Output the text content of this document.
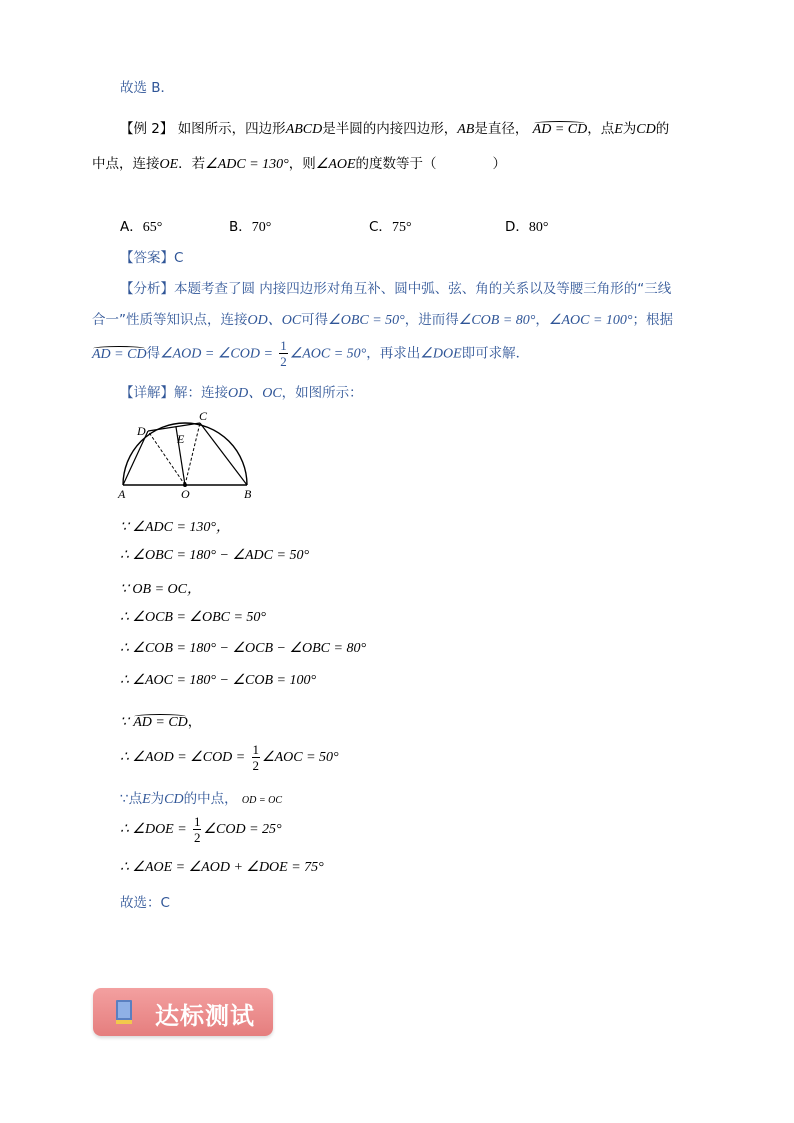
故选 B．
【例 2】 如图所示，四边形ABCD是半圆的内接四边形，AB是直径， AD = CD，点E为CD的
中点，连接OE．若∠ADC = 130°，则∠AOE的度数等于（	）
A．65°	B．70°	C．75°	D．80°
【答案】C
【分析】本题考查了圆 内接四边形对角互补、圆中弧、弦、角的关系以及等腰三角形的“三线
合一”性质等知识点，连接OD、OC可得∠OBC = 50°，进而得∠COB = 80°，∠AOC = 100°；根据
AD = CD得∠AOD = ∠COD = $\frac{1}{2}$ ∠AOC = 50°，再求出∠DOE即可求解．
【详解】解：连接OD、OC，如图所示：
A	O	B
C
D
E
∵ ∠ADC = 130°，
∴ ∠OBC = 180° − ∠ADC = 50°
∵ OB = OC，
∴ ∠OCB = ∠OBC = 50°
∴ ∠COB = 180° − ∠OCB − ∠OBC = 80°
∴ ∠AOC = 180° − ∠COB = 100°
∵ AD = CD，
∴ ∠AOD = ∠COD = $\frac{1}{2}$ ∠AOC = 50°
∵点E为CD的中点， OD = OC
∴ ∠DOE = $\frac{1}{2}$ ∠COD = 25°
∴ ∠AOE = ∠AOD + ∠DOE = 75°
故选：C
达标测试
